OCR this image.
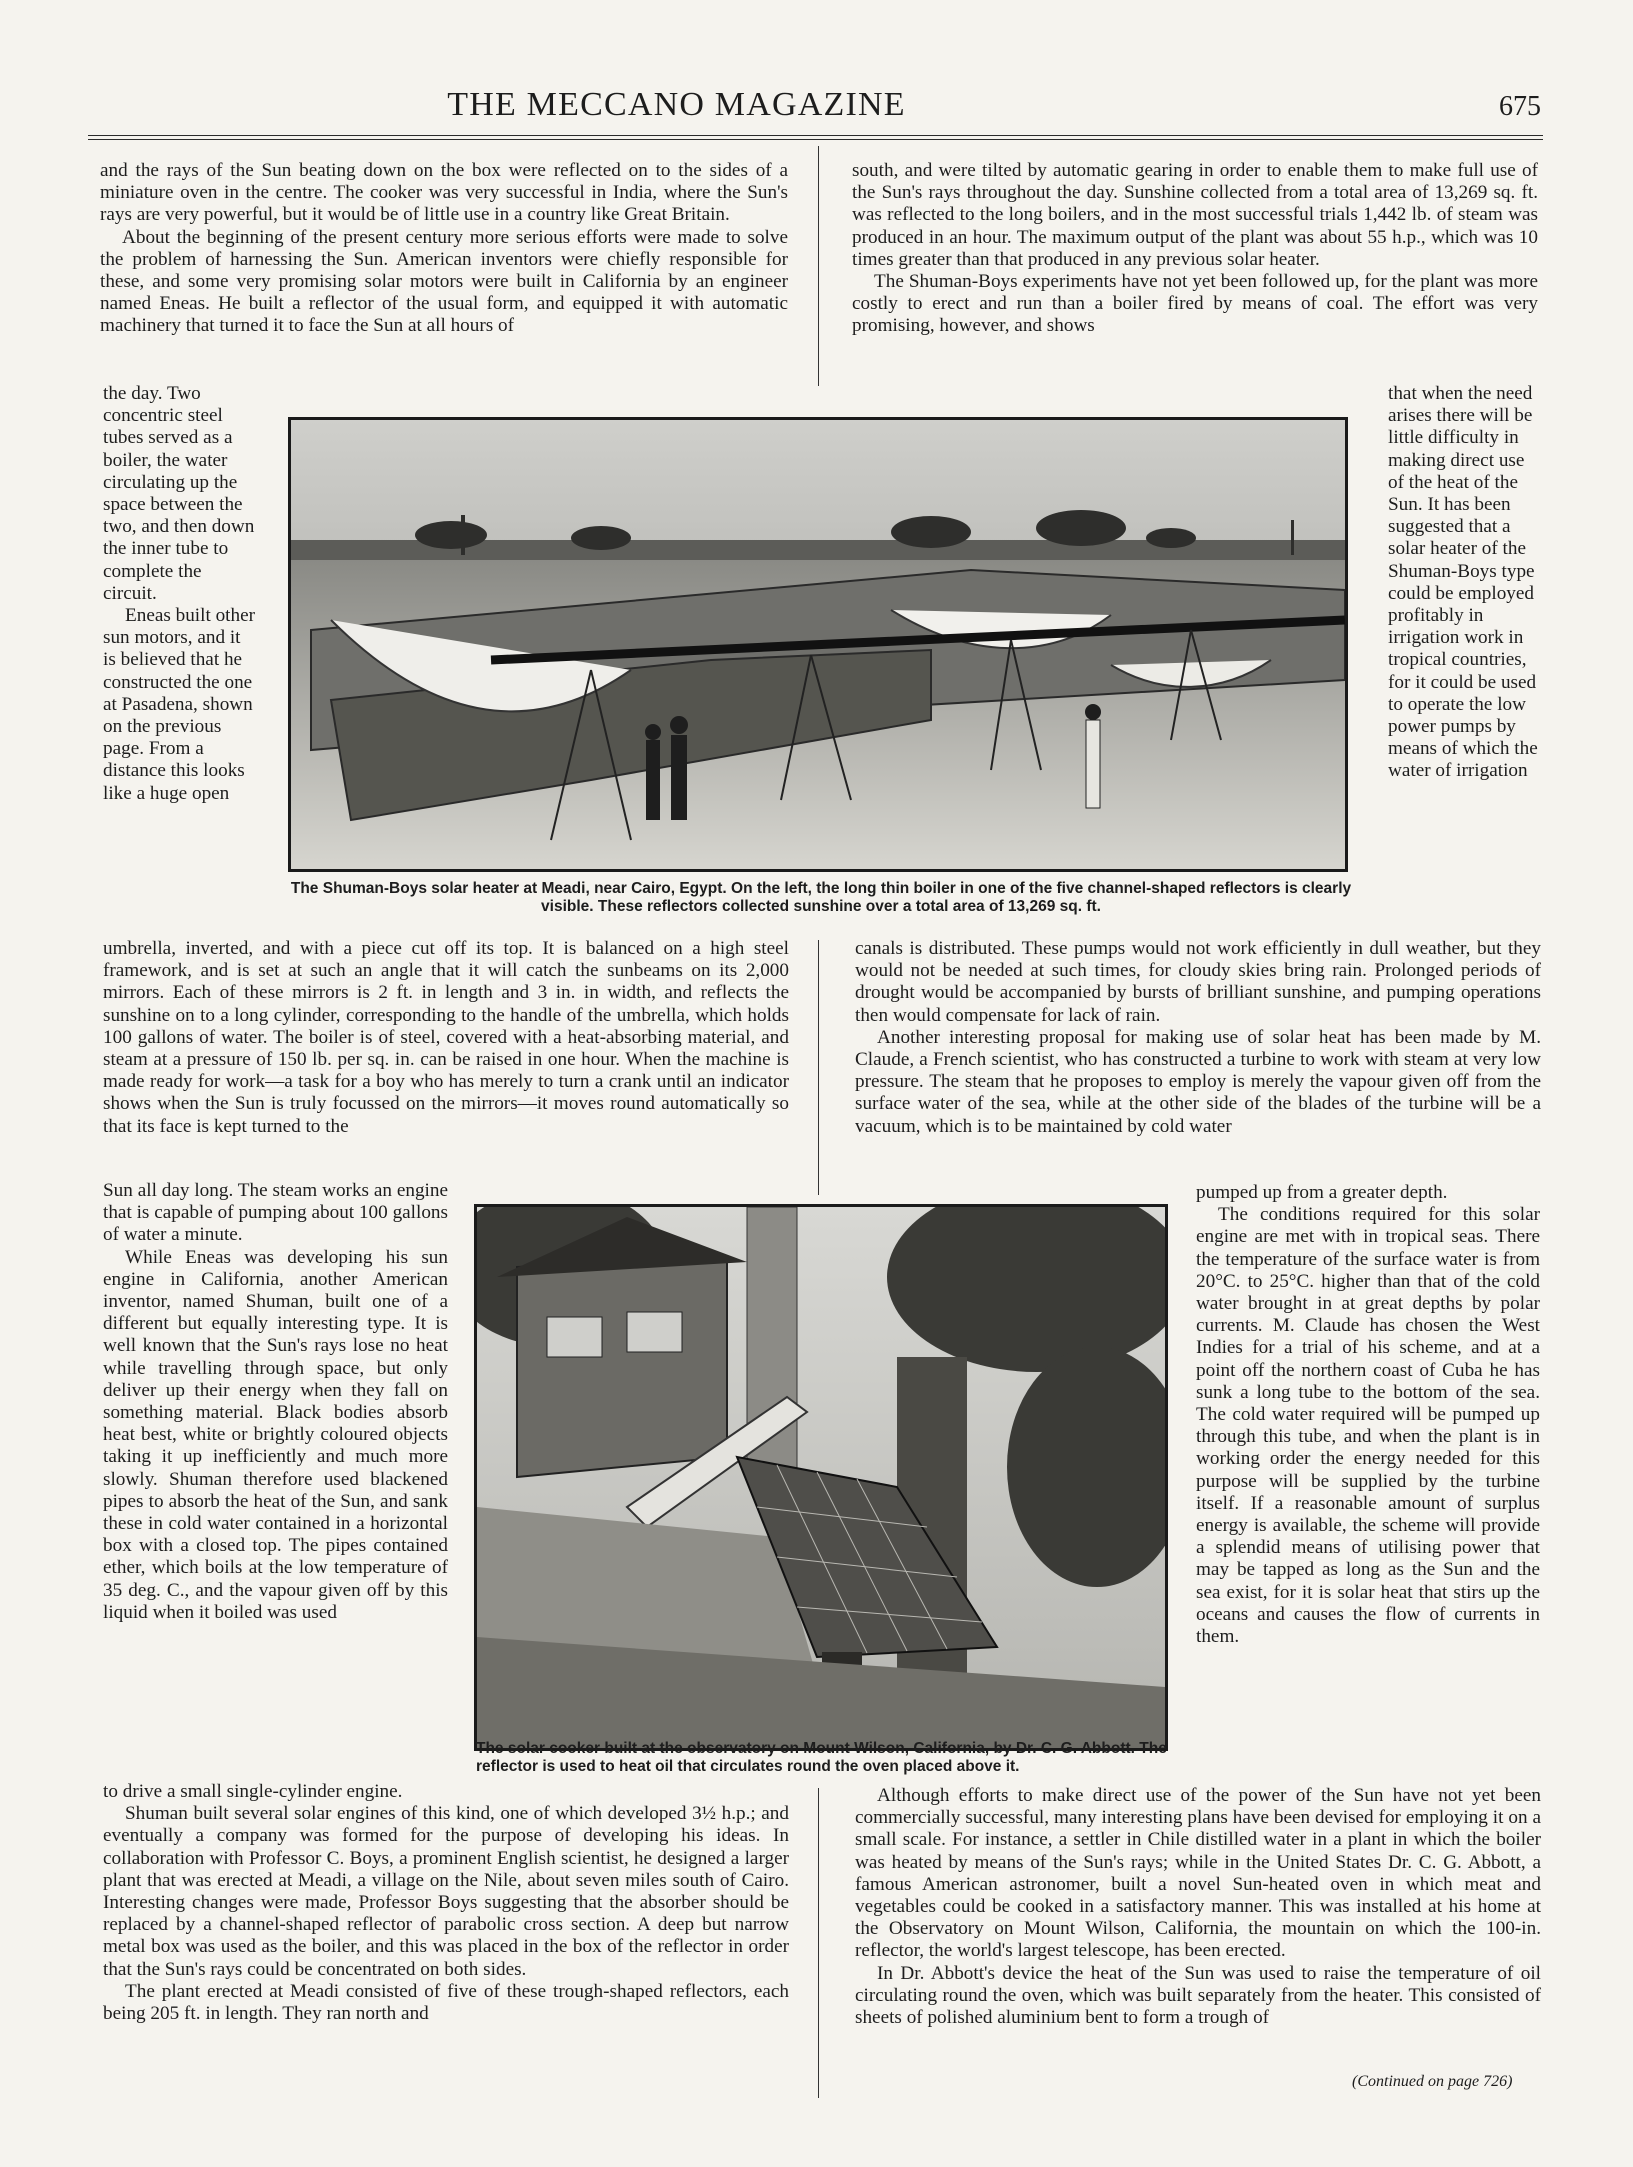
THE MECCANO MAGAZINE	675

and the rays of the Sun beating down on the box were reflected on to the sides of a miniature oven in the centre. The cooker was very successful in India, where the Sun's rays are very powerful, but it would be of little use in a country like Great Britain.

About the beginning of the present century more serious efforts were made to solve the problem of harnessing the Sun. American inventors were chiefly responsible for these, and some very promising solar motors were built in California by an engineer named Eneas. He built a reflector of the usual form, and equipped it with automatic machinery that turned it to face the Sun at all hours of

the day. Two concentric steel tubes served as a boiler, the water circulating up the space between the two, and then down the inner tube to complete the circuit.

Eneas built other sun motors, and it is believed that he constructed the one at Pasadena, shown on the previous page. From a distance this looks like a huge open

umbrella, inverted, and with a piece cut off its top. It is balanced on a high steel framework, and is set at such an angle that it will catch the sunbeams on its 2,000 mirrors. Each of these mirrors is 2 ft. in length and 3 in. in width, and reflects the sunshine on to a long cylinder, corresponding to the handle of the umbrella, which holds 100 gallons of water. The boiler is of steel, covered with a heat-absorbing material, and steam at a pressure of 150 lb. per sq. in. can be raised in one hour. When the machine is made ready for work—a task for a boy who has merely to turn a crank until an indicator shows when the Sun is truly focussed on the mirrors—it moves round automatically so that its face is kept turned to the

Sun all day long. The steam works an engine that is capable of pumping about 100 gallons of water a minute.

While Eneas was developing his sun engine in California, another American inventor, named Shuman, built one of a different but equally interesting type. It is well known that the Sun's rays lose no heat while travelling through space, but only deliver up their energy when they fall on something material. Black bodies absorb heat best, white or brightly coloured objects taking it up inefficiently and much more slowly. Shuman therefore used blackened pipes to absorb the heat of the Sun, and sank these in cold water contained in a horizontal box with a closed top. The pipes contained ether, which boils at the low temperature of 35 deg. C., and the vapour given off by this liquid when it boiled was used

to drive a small single-cylinder engine.

Shuman built several solar engines of this kind, one of which developed 3½ h.p.; and eventually a company was formed for the purpose of developing his ideas. In collaboration with Professor C. Boys, a prominent English scientist, he designed a larger plant that was erected at Meadi, a village on the Nile, about seven miles south of Cairo. Interesting changes were made, Professor Boys suggesting that the absorber should be replaced by a channel-shaped reflector of parabolic cross section. A deep but narrow metal box was used as the boiler, and this was placed in the box of the reflector in order that the Sun's rays could be concentrated on both sides.

The plant erected at Meadi consisted of five of these trough-shaped reflectors, each being 205 ft. in length. They ran north and

south, and were tilted by automatic gearing in order to enable them to make full use of the Sun's rays throughout the day. Sunshine collected from a total area of 13,269 sq. ft. was reflected to the long boilers, and in the most successful trials 1,442 lb. of steam was produced in an hour. The maximum output of the plant was about 55 h.p., which was 10 times greater than that produced in any previous solar heater.

The Shuman-Boys experiments have not yet been followed up, for the plant was more costly to erect and run than a boiler fired by means of coal. The effort was very promising, however, and shows

that when the need arises there will be little difficulty in making direct use of the heat of the Sun. It has been suggested that a solar heater of the Shuman-Boys type could be employed profitably in irrigation work in tropical countries, for it could be used to operate the low power pumps by means of which the water of irrigation

canals is distributed. These pumps would not work efficiently in dull weather, but they would not be needed at such times, for cloudy skies bring rain. Prolonged periods of drought would be accompanied by bursts of brilliant sunshine, and pumping operations then would compensate for lack of rain.

Another interesting proposal for making use of solar heat has been made by M. Claude, a French scientist, who has constructed a turbine to work with steam at very low pressure. The steam that he proposes to employ is merely the vapour given off from the surface water of the sea, while at the other side of the blades of the turbine will be a vacuum, which is to be maintained by cold water

pumped up from a greater depth.

The conditions required for this solar engine are met with in tropical seas. There the temperature of the surface water is from 20°C. to 25°C. higher than that of the cold water brought in at great depths by polar currents. M. Claude has chosen the West Indies for a trial of his scheme, and at a point off the northern coast of Cuba he has sunk a long tube to the bottom of the sea. The cold water required will be pumped up through this tube, and when the plant is in working order the energy needed for this purpose will be supplied by the turbine itself. If a reasonable amount of surplus energy is available, the scheme will provide a splendid means of utilising power that may be tapped as long as the Sun and the sea exist, for it is solar heat that stirs up the oceans and causes the flow of currents in them.

Although efforts to make direct use of the power of the Sun have not yet been commercially successful, many interesting plans have been devised for employing it on a small scale. For instance, a settler in Chile distilled water in a plant in which the boiler was heated by means of the Sun's rays; while in the United States Dr. C. G. Abbott, a famous American astronomer, built a novel Sun-heated oven in which meat and vegetables could be cooked in a satisfactory manner. This was installed at his home at the Observatory on Mount Wilson, California, the mountain on which the 100-in. reflector, the world's largest telescope, has been erected.

In Dr. Abbott's device the heat of the Sun was used to raise the temperature of oil circulating round the oven, which was built separately from the heater. This consisted of sheets of polished aluminium bent to form a trough of

(Continued on page 726)
The Shuman-Boys solar heater at Meadi, near Cairo, Egypt. On the left, the long thin boiler in one of the five channel-shaped reflectors is clearly visible. These reflectors collected sunshine over a total area of 13,269 sq. ft.
The solar cooker built at the observatory on Mount Wilson, California, by Dr. C. G. Abbott. The reflector is used to heat oil that circulates round the oven placed above it.
